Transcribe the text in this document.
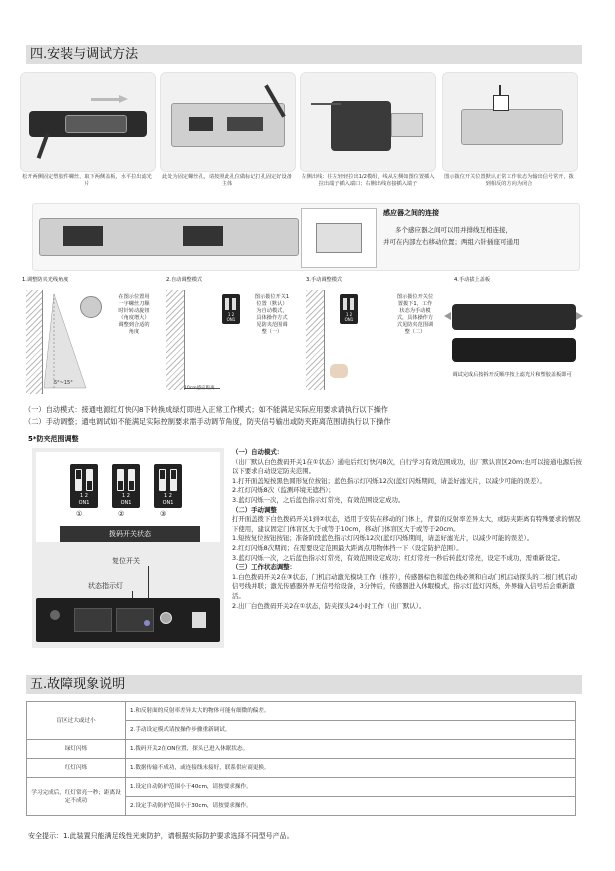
四.安装与调试方法
松开两侧固定塑胶件螺丝，取下两侧盖板，水平拉出滤光片
此处为固定螺丝孔，请按照此孔位做标记打孔固定好设备主体
左侧出线：往左轻轻拉出1/2模组，线从左侧如图位置插入拉出端子插入端口；右侧出线直接插入端子
图示拨位开关位置默认正常工作状态为输出信号常开，拨到相反的方向为闭合
感应器之间的连接
多个感应器之间可以用并排线互相连接，
并可在内部左右移动位置；两组六针插座可通用
1.调整防夹光线角度
5°~15°
在图示位置用一字螺丝刀顺时针转动旋钮（角度增大）调整到合适的角度
2.自动调整模式
10cm感应距离
1 2
ON1
图示拨位开关1位置（默认）为自动模式，具体操作方式见防夹范围调整（一）
3.手动调整模式
1 2
ON1
图示拨位开关位置拨下1，工作状态为手动模式，具体操作方式见防夹范围调整（二）
4.手动拔上盖板
调试完成后按拆开反顺序按上滤光片和塑胶盖板即可
（一）自动模式：接通电源红灯快闪8下转换成绿灯即进入正常工作模式；如不能满足实际应用要求请执行以下操作
（二）手动调整；通电调试如不能满足实际控制要求需手动调节角度，防夹信号输出或防夹距离范围请执行以下操作
5*防夹范围调整
1 2
ON1
1 2
ON1
1 2
ON1
①	②	③
拨码开关状态
复位开关
状态指示灯
（一）自动模式：
（出厂默认白色拨码开关1在①状态）通电后红灯快闪8次，自行学习有效范围成功，出厂默认盲区20m;也可以接通电源后按以下要求自动设定防夹范围。
1.打开面盖短按黑色圆形复位按钮；蓝色指示灯闪烁12次(蓝灯闪烁期间，请盖好滤光片，以减少可能的误差）。
2.红灯闪烁8次（监测环境无遮挡）；
3.蓝灯闪烁一次，之后蓝色指示灯常亮，有效范围设定成功。
（二）手动调整
打开面盖拨下白色拨码开关1到②状态，适用于安装在移动的门体上，背景的反射率差异太大，或防夹距离有特殊要求的情况下使用，建议固定门体盲区大于或等于10cm，移动门体盲区大于或等于20cm。
1.短按复位按钮按钮；准备阶段蓝色指示灯闪烁12次(蓝灯闪烁期间，请盖好滤光片，以减少可能的误差）。
2.红灯闪烁8次期间；在需要设定范围最大距离点用物体挡一下（设定防护范围）。
3.蓝灯闪烁一次，之后蓝色指示灯常亮，有效范围设定成功；红灯常亮一秒后转蓝灯常亮，设定不成功，需重新设定。
（三）工作状态调整：
1.白色拨码开关2在③状态，门机启动激光模块工作（推荐），传感器棕色和蓝色线必须和自动门机启动探头的二根门机启动信号线并联；激光传感器外界无信号给设备，3分钟后，传感器进入休眠模式，指示灯蓝灯闪烁，外界输入信号后会重新激活。
2.出厂白色拨码开关2在①状态，防夹探头24小时工作（出厂默认）。
五.故障现象说明
盲区过大或过小	1.和反射面的反射率差异太大的物体可能有细微的偏差。
	2.手动设定模式请按操作步骤重新调试。
绿灯闪烁	1.拨码开关2在ON位置，探头已进入休眠状态。
红灯闪烁	1.数据传输不成功，或连接线未接好，联系供应商更换。
学习完成后，红灯常亮一秒；距离设定不成功	1.设定自动防护范围小于40cm，请按要求操作。
	2.设定手动防护范围小于30cm，请按要求操作。
安全提示：1.此装置只能满足线性光束防护，请根据实际防护要求选择不同型号产品。
